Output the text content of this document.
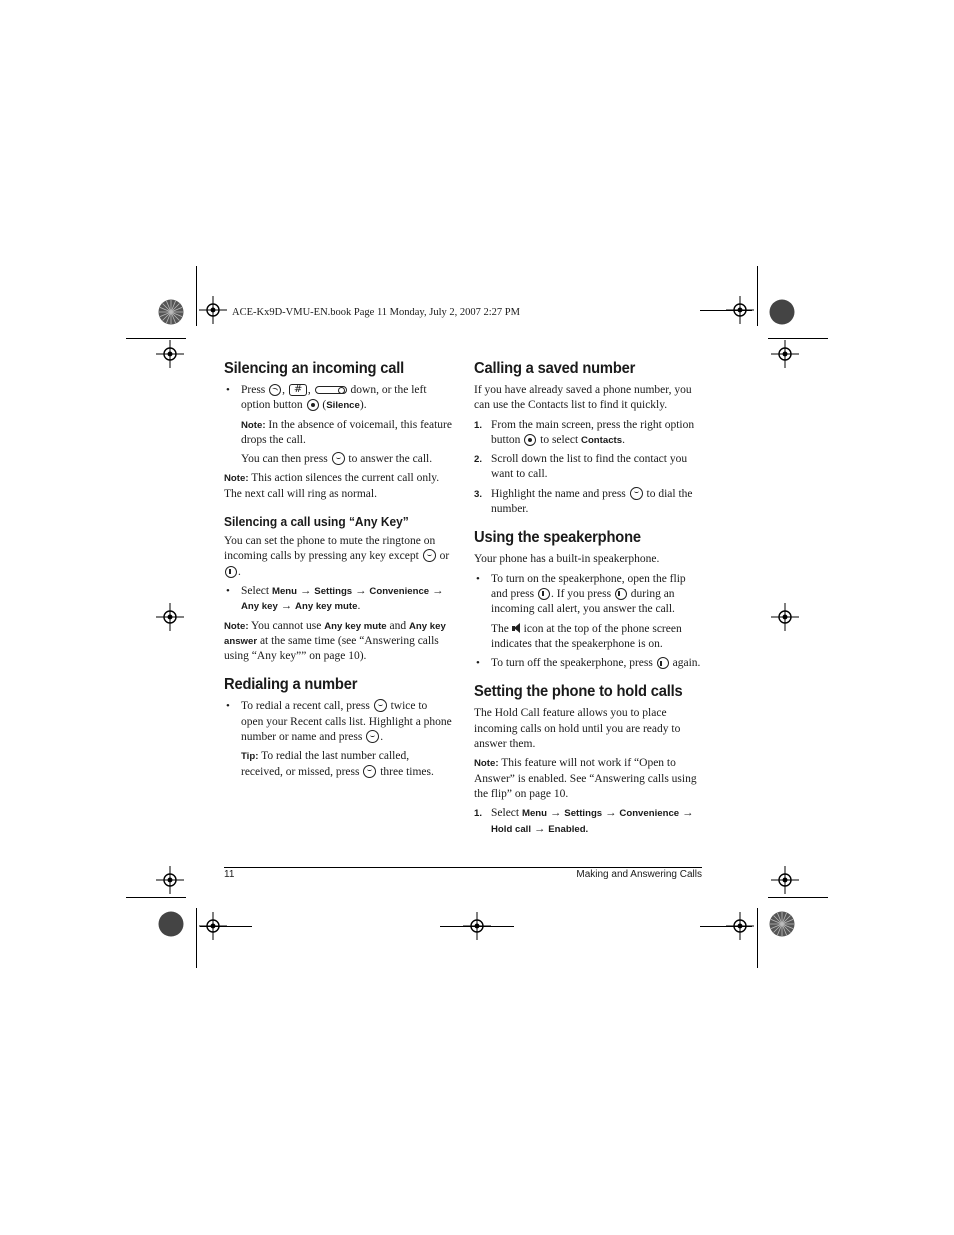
ACE-Kx9D-VMU-EN.book Page 11 Monday, July 2, 2007 2:27 PM
Silencing an incoming call

• Press , #,	down, or the left option button  (Silence).

Note: In the absence of voicemail, this feature drops the call.

You can then press to answer the call.

Note: This action silences the current call only. The next call will ring as normal.

Silencing a call using “Any Key”

You can set the phone to mute the ringtone on incoming calls by pressing any key except or .

• Select Menu → Settings → Convenience → Any key → Any key mute.

Note: You cannot use Any key mute and Any key answer at the same time (see “Answering calls using “Any key”” on page 10).

Redialing a number

• To redial a recent call, press twice to open your Recent calls list. Highlight a phone number or name and press .

Tip: To redial the last number called, received, or missed, press three times.

Calling a saved number

If you have already saved a phone number, you can use the Contacts list to find it quickly.

1. From the main screen, press the right option button to select Contacts.

2. Scroll down the list to find the contact you want to call.

3. Highlight the name and press to dial the number.

Using the speakerphone

Your phone has a built-in speakerphone.

• To turn on the speakerphone, open the flip and press . If you press during an incoming call alert, you answer the call.

The icon at the top of the phone screen indicates that the speakerphone is on.

• To turn off the speakerphone, press again.

Setting the phone to hold calls

The Hold Call feature allows you to place incoming calls on hold until you are ready to answer them.

Note: This feature will not work if “Open to Answer” is enabled. See “Answering calls using the flip” on page 10.

1. Select Menu → Settings → Convenience → Hold call → Enabled.

11	Making and Answering Calls
